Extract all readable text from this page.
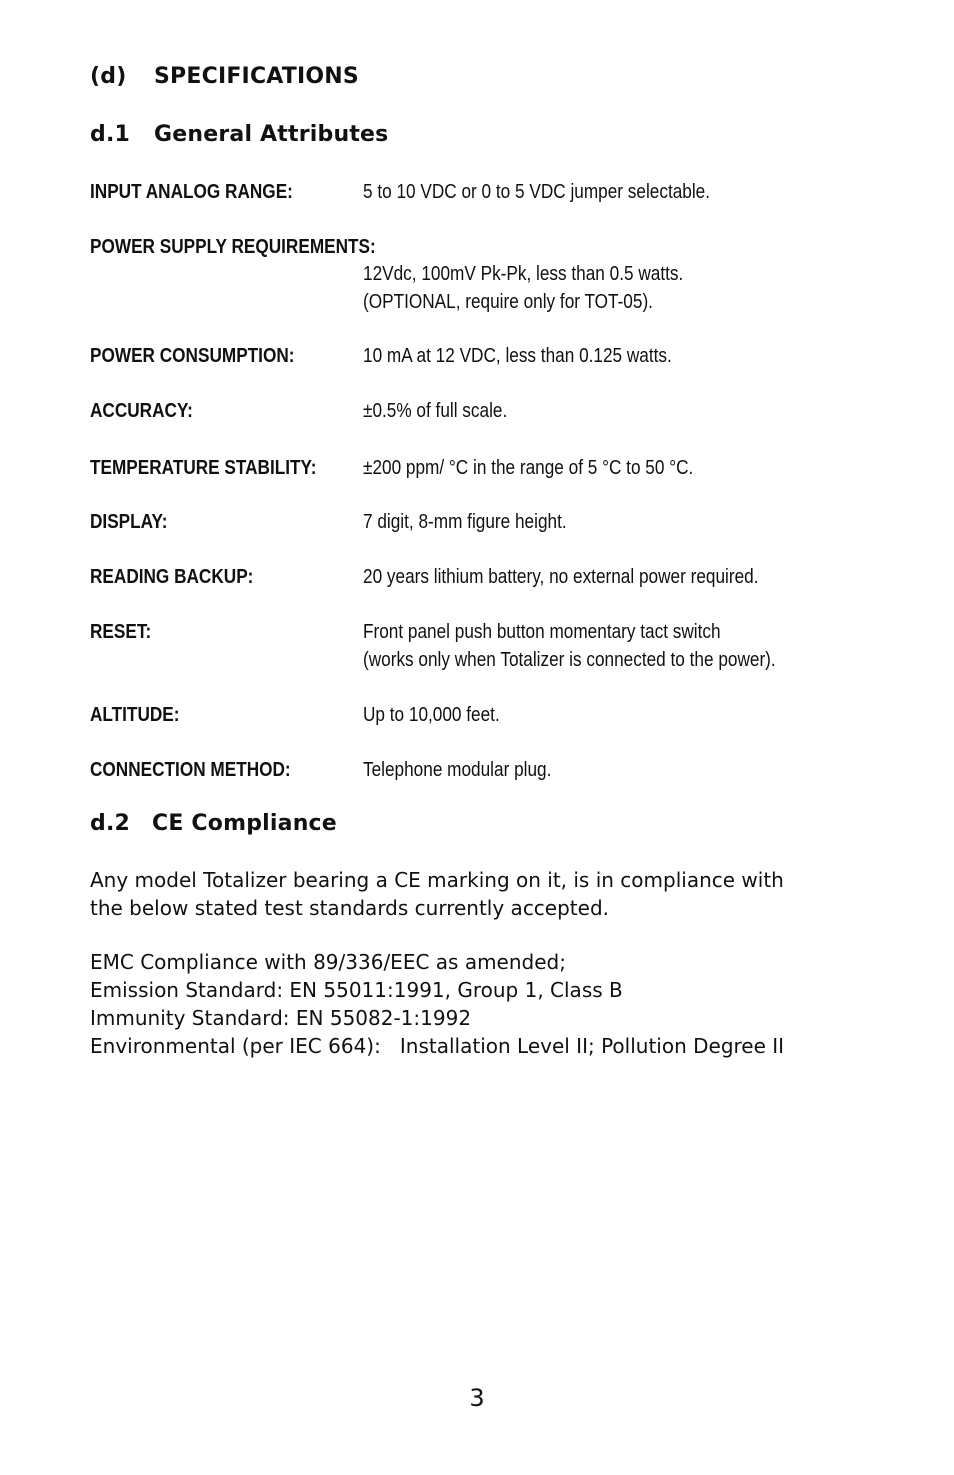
(d) SPECIFICATIONS
d.1 General Attributes
INPUT ANALOG RANGE:	5 to 10 VDC or 0 to 5 VDC jumper selectable.
POWER SUPPLY REQUIREMENTS:
12Vdc, 100mV Pk-Pk, less than 0.5 watts.
(OPTIONAL, require only for TOT-05).
POWER CONSUMPTION:	10 mA at 12 VDC, less than 0.125 watts.
ACCURACY:	±0.5% of full scale.
TEMPERATURE STABILITY: ±200 ppm/ °C in the range of 5 °C to 50 °C.
DISPLAY:	7 digit, 8-mm figure height.
READING BACKUP:	20 years lithium battery, no external power required.
RESET:	Front panel push button momentary tact switch
(works only when Totalizer is connected to the power).
ALTITUDE:	Up to 10,000 feet.
CONNECTION METHOD:	Telephone modular plug.
d.2 CE Compliance
Any model Totalizer bearing a CE marking on it, is in compliance with
the below stated test standards currently accepted.
EMC Compliance with 89/336/EEC as amended;
Emission Standard: EN 55011:1991, Group 1, Class B
Immunity Standard: EN 55082-1:1992
Environmental (per IEC 664):   Installation Level II; Pollution Degree II
3
